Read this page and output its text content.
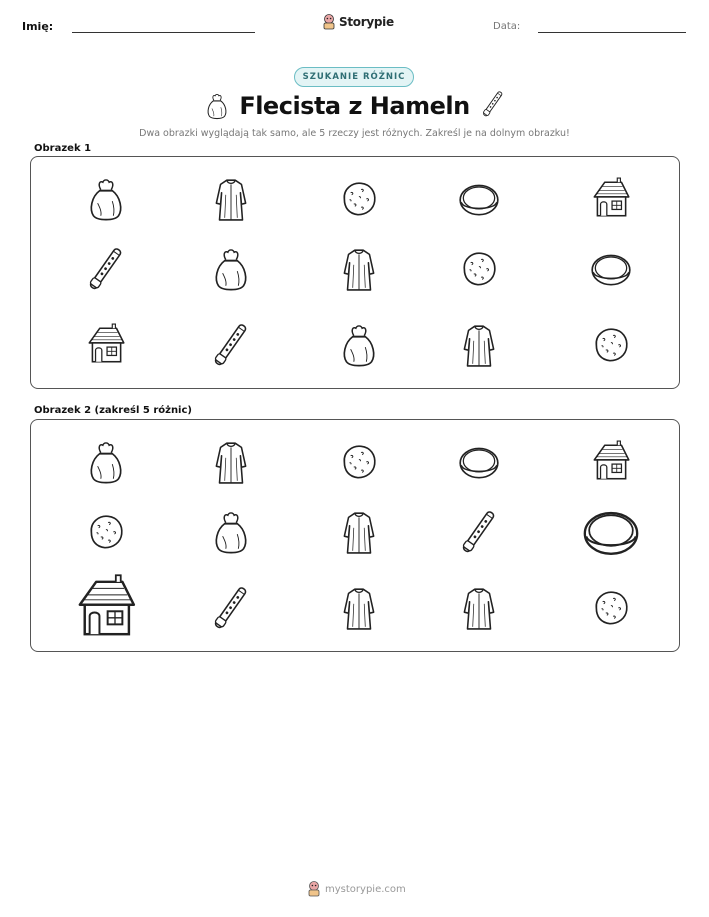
Imię:	Storypie	Data:
SZUKANIE RÓŻNIC
Flecista z Hameln
Dwa obrazki wyglądają tak samo, ale 5 rzeczy jest różnych. Zakreśl je na dolnym obrazku!
Obrazek 1
Obrazek 2 (zakreśl 5 różnic)
mystorypie.com
